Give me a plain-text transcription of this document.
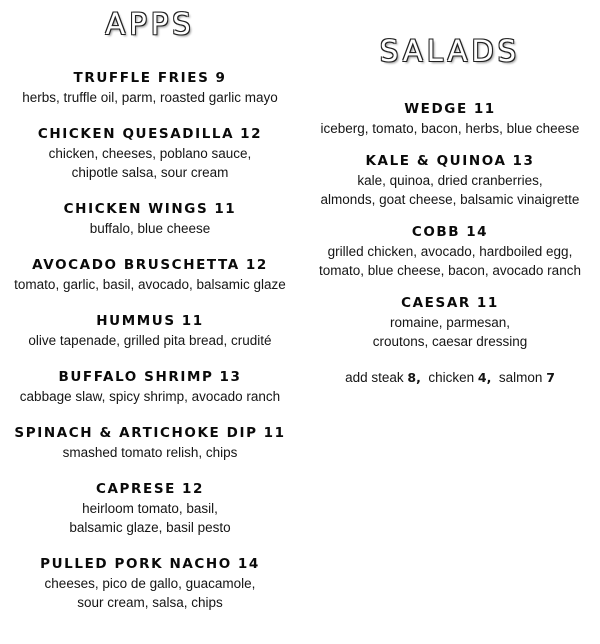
APPS
TRUFFLE FRIES 9
herbs, truffle oil, parm, roasted garlic mayo
CHICKEN QUESADILLA 12
chicken, cheeses, poblano sauce,
chipotle salsa, sour cream
CHICKEN WINGS 11
buffalo, blue cheese
AVOCADO BRUSCHETTA 12
tomato, garlic, basil, avocado, balsamic glaze
HUMMUS 11
olive tapenade, grilled pita bread, crudité
BUFFALO SHRIMP 13
cabbage slaw, spicy shrimp, avocado ranch
SPINACH & ARTICHOKE DIP 11
smashed tomato relish, chips
CAPRESE 12
heirloom tomato, basil,
balsamic glaze, basil pesto
PULLED PORK NACHO 14
cheeses, pico de gallo, guacamole,
sour cream, salsa, chips
SALADS
WEDGE 11
iceberg, tomato, bacon, herbs, blue cheese
KALE & QUINOA 13
kale, quinoa, dried cranberries,
almonds, goat cheese, balsamic vinaigrette
COBB 14
grilled chicken, avocado, hardboiled egg,
tomato, blue cheese, bacon, avocado ranch
CAESAR 11
romaine, parmesan,
croutons, caesar dressing
add steak 8, chicken 4, salmon 7
